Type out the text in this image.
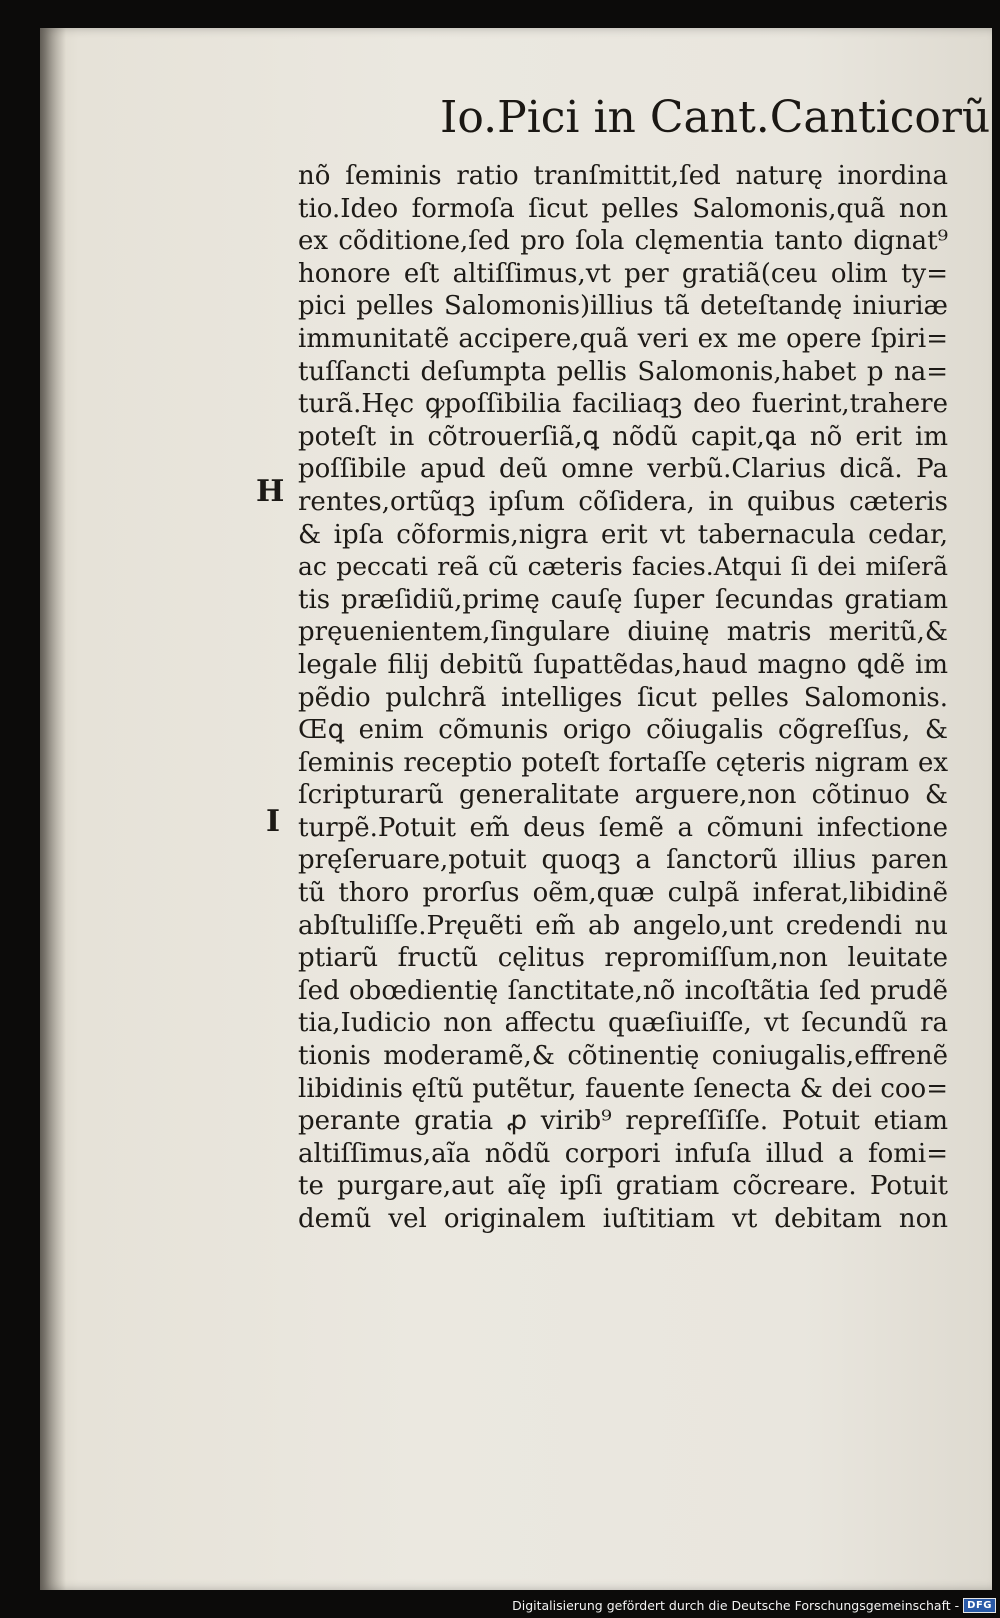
Io.Pici in Cant.Canticorũ
H
I
nõ ſeminis ratio tranſmittit,ſed naturę inordina
tio.Ideo formoſa ſicut pelles Salomonis,quã non
ex cõditione,ſed pro ſola clęmentia tanto dignat⁹
honore eſt altiſſimus,vt per gratiã(ceu olim ty=
pici pelles Salomonis)illius tã deteſtandę iniuriæ
immunitatẽ accipere,quã veri ex me opere ſpiri=
tuſſancti deſumpta pellis Salomonis,habet p na=
turã.Hęc ꝙpoſſibilia faciliaqꝫ deo fuerint,trahere
poteſt in cõtrouerſiã,ꝗ nõdũ capit,ꝗa nõ erit im
poſſibile apud deũ omne verbũ.Clarius dicã. Pa
rentes,ortũqꝫ ipſum cõſidera, in quibus cæteris
& ipſa cõformis,nigra erit vt tabernacula cedar,
ac peccati reã cũ cæteris facies.Atqui ſi dei miſerã
tis præſidiũ,primę cauſę ſuper ſecundas gratiam
pręuenientem,ſingulare diuinę matris meritũ,&
legale filij debitũ ſupattẽdas,haud magno ꝗdẽ im
pẽdio pulchrã intelliges ſicut pelles Salomonis.
Œꝗ enim cõmunis origo cõiugalis cõgreſſus, &
ſeminis receptio poteſt fortaſſe cęteris nigram ex
ſcripturarũ generalitate arguere,non cõtinuo &
turpẽ.Potuit em̃ deus ſemẽ a cõmuni infectione
pręſeruare,potuit quoqꝫ a ſanctorũ illius paren
tũ thoro prorſus oẽm,quæ culpã inferat,libidinẽ
abſtuliſſe.Pręuẽti em̃ ab angelo,unt credendi nu
ptiarũ fructũ cęlitus repromiſſum,non leuitate
ſed obœdientię ſanctitate,nõ incoſtãtia ſed prudẽ
tia,Iudicio non affectu quæſiuiſſe, vt ſecundũ ra
tionis moderamẽ,& cõtinentię coniugalis,effrenẽ
libidinis ęſtũ putẽtur, fauente ſenecta & dei coo=
perante gratia ꝓ virib⁹ repreſſiſſe. Potuit etiam
altiſſimus,aĩa nõdũ corpori infuſa illud a fomi=
te purgare,aut aĩę ipſi gratiam cõcreare. Potuit
demũ vel originalem iuſtitiam vt debitam non
Digitalisierung gefördert durch die Deutsche Forschungsgemeinschaft - DFG
